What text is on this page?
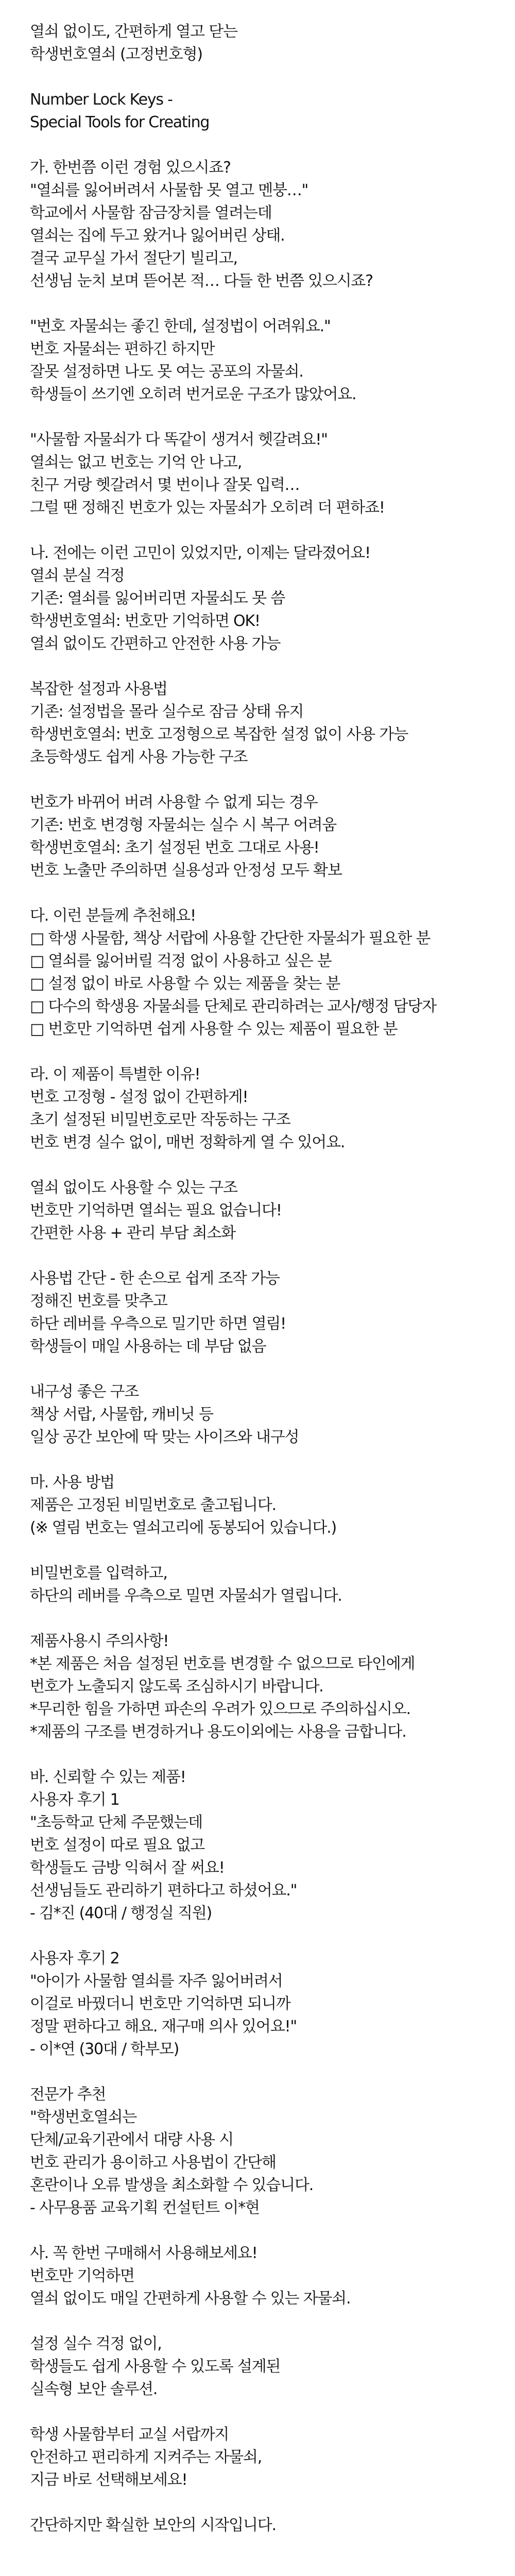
열쇠 없이도, 간편하게 열고 닫는
학생번호열쇠 (고정번호형)
Number Lock Keys -
Special Tools for Creating
가. 한번쯤 이런 경험 있으시죠?
"열쇠를 잃어버려서 사물함 못 열고 멘붕…"
학교에서 사물함 잠금장치를 열려는데
열쇠는 집에 두고 왔거나 잃어버린 상태.
결국 교무실 가서 절단기 빌리고,
선생님 눈치 보며 뜯어본 적… 다들 한 번쯤 있으시죠?
"번호 자물쇠는 좋긴 한데, 설정법이 어려워요."
번호 자물쇠는 편하긴 하지만
잘못 설정하면 나도 못 여는 공포의 자물쇠.
학생들이 쓰기엔 오히려 번거로운 구조가 많았어요.
"사물함 자물쇠가 다 똑같이 생겨서 헷갈려요!"
열쇠는 없고 번호는 기억 안 나고,
친구 거랑 헷갈려서 몇 번이나 잘못 입력…
그럴 땐 정해진 번호가 있는 자물쇠가 오히려 더 편하죠!
나. 전에는 이런 고민이 있었지만, 이제는 달라졌어요!
열쇠 분실 걱정
기존: 열쇠를 잃어버리면 자물쇠도 못 씀
학생번호열쇠: 번호만 기억하면 OK!
열쇠 없이도 간편하고 안전한 사용 가능
복잡한 설정과 사용법
기존: 설정법을 몰라 실수로 잠금 상태 유지
학생번호열쇠: 번호 고정형으로 복잡한 설정 없이 사용 가능
초등학생도 쉽게 사용 가능한 구조
번호가 바뀌어 버려 사용할 수 없게 되는 경우
기존: 번호 변경형 자물쇠는 실수 시 복구 어려움
학생번호열쇠: 초기 설정된 번호 그대로 사용!
번호 노출만 주의하면 실용성과 안정성 모두 확보
다. 이런 분들께 추천해요!
□ 학생 사물함, 책상 서랍에 사용할 간단한 자물쇠가 필요한 분
□ 열쇠를 잃어버릴 걱정 없이 사용하고 싶은 분
□ 설정 없이 바로 사용할 수 있는 제품을 찾는 분
□ 다수의 학생용 자물쇠를 단체로 관리하려는 교사/행정 담당자
□ 번호만 기억하면 쉽게 사용할 수 있는 제품이 필요한 분
라. 이 제품이 특별한 이유!
번호 고정형 - 설정 없이 간편하게!
초기 설정된 비밀번호로만 작동하는 구조
번호 변경 실수 없이, 매번 정확하게 열 수 있어요.
열쇠 없이도 사용할 수 있는 구조
번호만 기억하면 열쇠는 필요 없습니다!
간편한 사용 + 관리 부담 최소화
사용법 간단 - 한 손으로 쉽게 조작 가능
정해진 번호를 맞추고
하단 레버를 우측으로 밀기만 하면 열림!
학생들이 매일 사용하는 데 부담 없음
내구성 좋은 구조
책상 서랍, 사물함, 캐비닛 등
일상 공간 보안에 딱 맞는 사이즈와 내구성
마. 사용 방법
제품은 고정된 비밀번호로 출고됩니다.
(※ 열림 번호는 열쇠고리에 동봉되어 있습니다.)
비밀번호를 입력하고,
하단의 레버를 우측으로 밀면 자물쇠가 열립니다.
제품사용시 주의사항!
*본 제품은 처음 설정된 번호를 변경할 수 없으므로 타인에게
번호가 노출되지 않도록 조심하시기 바랍니다.
*무리한 힘을 가하면 파손의 우려가 있으므로 주의하십시오.
*제품의 구조를 변경하거나 용도이외에는 사용을 금합니다.
바. 신뢰할 수 있는 제품!
사용자 후기 1
"초등학교 단체 주문했는데
번호 설정이 따로 필요 없고
학생들도 금방 익혀서 잘 써요!
선생님들도 관리하기 편하다고 하셨어요."
- 김*진 (40대 / 행정실 직원)
사용자 후기 2
"아이가 사물함 열쇠를 자주 잃어버려서
이걸로 바꿨더니 번호만 기억하면 되니까
정말 편하다고 해요. 재구매 의사 있어요!"
- 이*연 (30대 / 학부모)
전문가 추천
"학생번호열쇠는
단체/교육기관에서 대량 사용 시
번호 관리가 용이하고 사용법이 간단해
혼란이나 오류 발생을 최소화할 수 있습니다.
- 사무용품 교육기획 컨설턴트 이*현
사. 꼭 한번 구매해서 사용해보세요!
번호만 기억하면
열쇠 없이도 매일 간편하게 사용할 수 있는 자물쇠.
설정 실수 걱정 없이,
학생들도 쉽게 사용할 수 있도록 설계된
실속형 보안 솔루션.
학생 사물함부터 교실 서랍까지
안전하고 편리하게 지켜주는 자물쇠,
지금 바로 선택해보세요!
간단하지만 확실한 보안의 시작입니다.
